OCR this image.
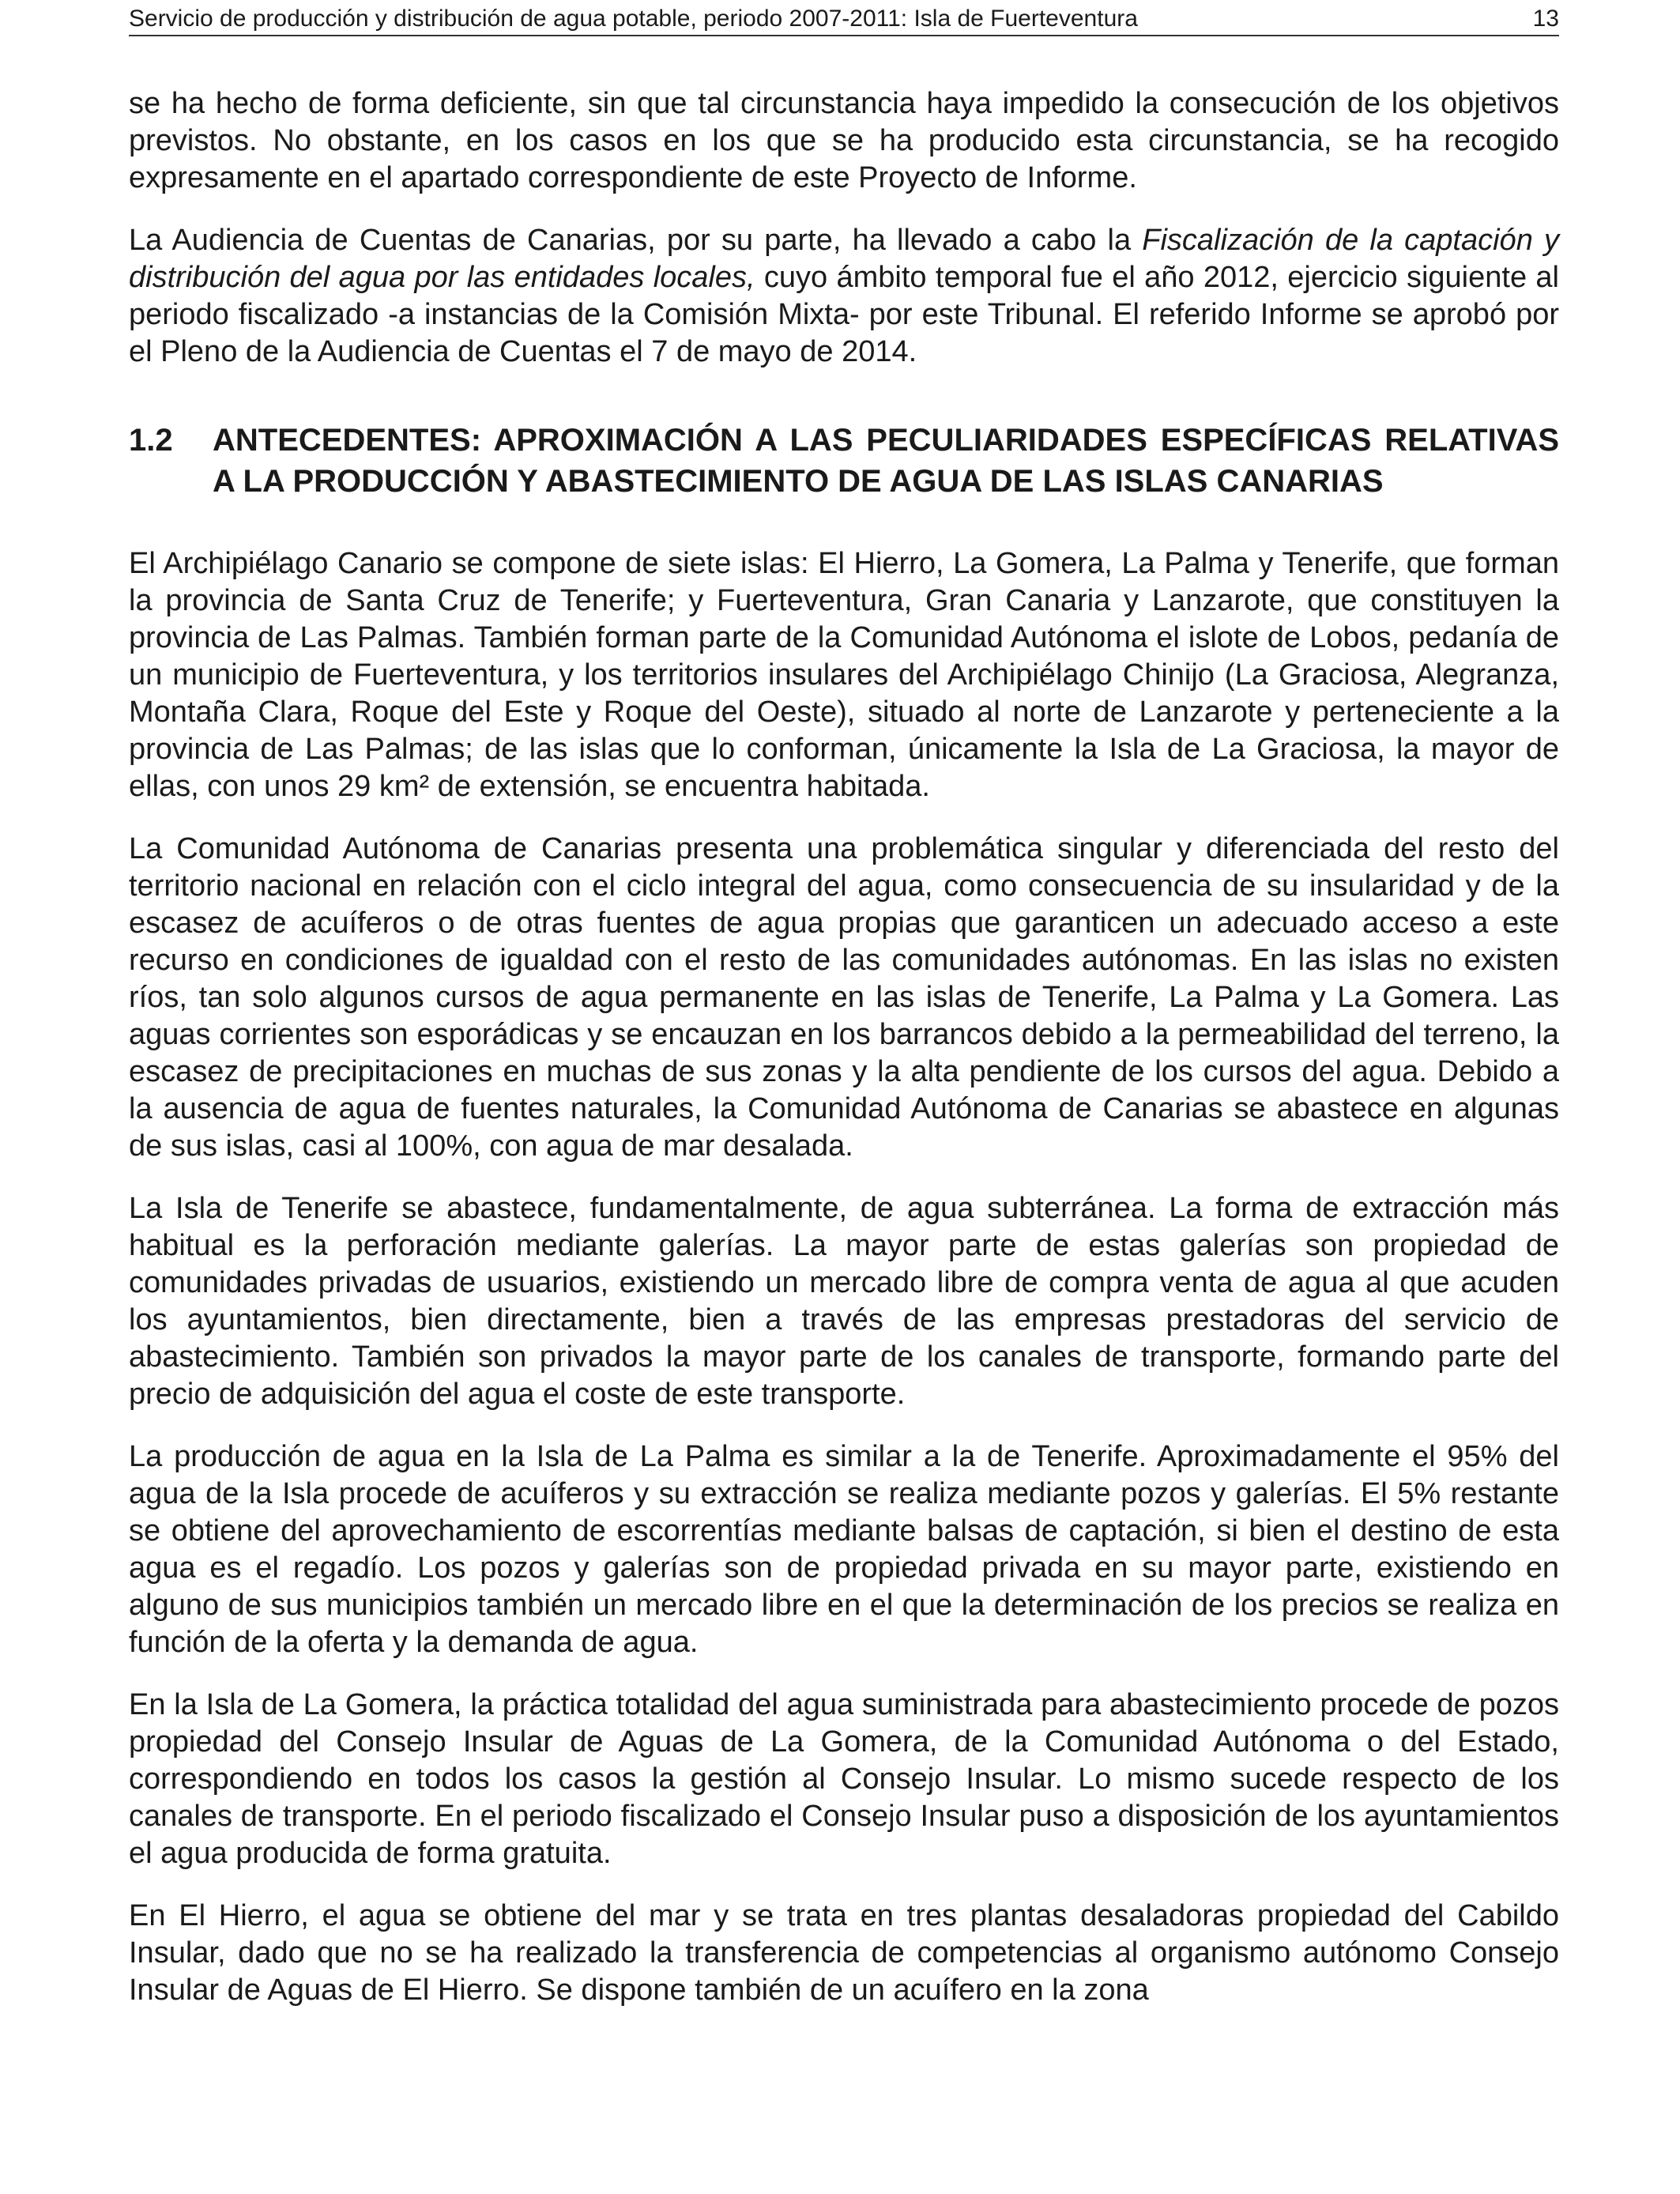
Servicio de producción y distribución de agua potable, periodo 2007-2011: Isla de Fuerteventura	13

se ha hecho de forma deficiente, sin que tal circunstancia haya impedido la consecución de los objetivos previstos. No obstante, en los casos en los que se ha producido esta circunstancia, se ha recogido expresamente en el apartado correspondiente de este Proyecto de Informe.

La Audiencia de Cuentas de Canarias, por su parte, ha llevado a cabo la Fiscalización de la captación y distribución del agua por las entidades locales, cuyo ámbito temporal fue el año 2012, ejercicio siguiente al periodo fiscalizado -a instancias de la Comisión Mixta- por este Tribunal. El referido Informe se aprobó por el Pleno de la Audiencia de Cuentas el 7 de mayo de 2014.

1.2	ANTECEDENTES: APROXIMACIÓN A LAS PECULIARIDADES ESPECÍFICAS RELATIVAS A LA PRODUCCIÓN Y ABASTECIMIENTO DE AGUA DE LAS ISLAS CANARIAS

El Archipiélago Canario se compone de siete islas: El Hierro, La Gomera, La Palma y Tenerife, que forman la provincia de Santa Cruz de Tenerife; y Fuerteventura, Gran Canaria y Lanzarote, que constituyen la provincia de Las Palmas. También forman parte de la Comunidad Autónoma el islote de Lobos, pedanía de un municipio de Fuerteventura, y los territorios insulares del Archipiélago Chinijo (La Graciosa, Alegranza, Montaña Clara, Roque del Este y Roque del Oeste), situado al norte de Lanzarote y perteneciente a la provincia de Las Palmas; de las islas que lo conforman, únicamente la Isla de La Graciosa, la mayor de ellas, con unos 29 km² de extensión, se encuentra habitada.

La Comunidad Autónoma de Canarias presenta una problemática singular y diferenciada del resto del territorio nacional en relación con el ciclo integral del agua, como consecuencia de su insularidad y de la escasez de acuíferos o de otras fuentes de agua propias que garanticen un adecuado acceso a este recurso en condiciones de igualdad con el resto de las comunidades autónomas. En las islas no existen ríos, tan solo algunos cursos de agua permanente en las islas de Tenerife, La Palma y La Gomera. Las aguas corrientes son esporádicas y se encauzan en los barrancos debido a la permeabilidad del terreno, la escasez de precipitaciones en muchas de sus zonas y la alta pendiente de los cursos del agua. Debido a la ausencia de agua de fuentes naturales, la Comunidad Autónoma de Canarias se abastece en algunas de sus islas, casi al 100%, con agua de mar desalada.

La Isla de Tenerife se abastece, fundamentalmente, de agua subterránea. La forma de extracción más habitual es la perforación mediante galerías. La mayor parte de estas galerías son propiedad de comunidades privadas de usuarios, existiendo un mercado libre de compra venta de agua al que acuden los ayuntamientos, bien directamente, bien a través de las empresas prestadoras del servicio de abastecimiento. También son privados la mayor parte de los canales de transporte, formando parte del precio de adquisición del agua el coste de este transporte.

La producción de agua en la Isla de La Palma es similar a la de Tenerife. Aproximadamente el 95% del agua de la Isla procede de acuíferos y su extracción se realiza mediante pozos y galerías. El 5% restante se obtiene del aprovechamiento de escorrentías mediante balsas de captación, si bien el destino de esta agua es el regadío. Los pozos y galerías son de propiedad privada en su mayor parte, existiendo en alguno de sus municipios también un mercado libre en el que la determinación de los precios se realiza en función de la oferta y la demanda de agua.

En la Isla de La Gomera, la práctica totalidad del agua suministrada para abastecimiento procede de pozos propiedad del Consejo Insular de Aguas de La Gomera, de la Comunidad Autónoma o del Estado, correspondiendo en todos los casos la gestión al Consejo Insular. Lo mismo sucede respecto de los canales de transporte. En el periodo fiscalizado el Consejo Insular puso a disposición de los ayuntamientos el agua producida de forma gratuita.

En El Hierro, el agua se obtiene del mar y se trata en tres plantas desaladoras propiedad del Cabildo Insular, dado que no se ha realizado la transferencia de competencias al organismo autónomo Consejo Insular de Aguas de El Hierro. Se dispone también de un acuífero en la zona
